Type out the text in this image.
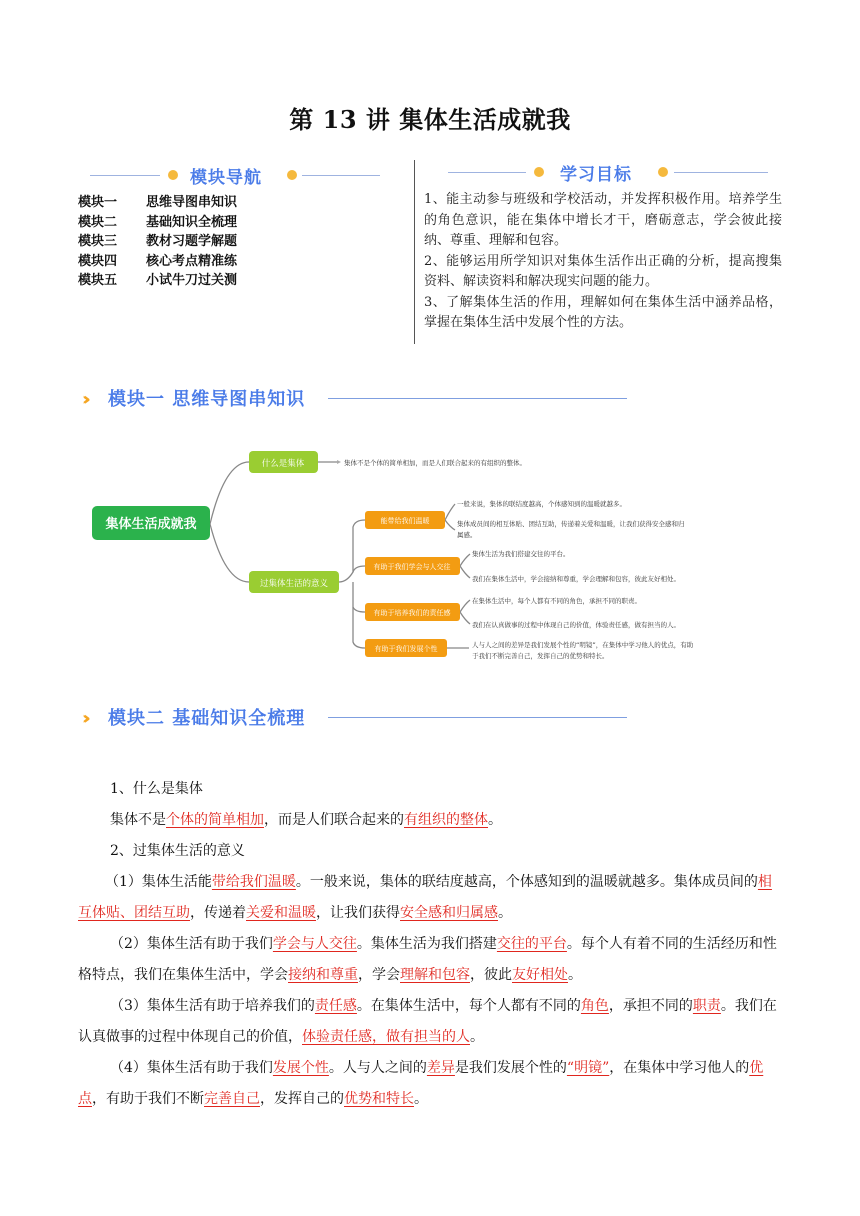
第 13 讲 集体生活成就我
模块导航
模块一	思维导图串知识
模块二	基础知识全梳理
模块三	教材习题学解题
模块四	核心考点精准练
模块五	小试牛刀过关测
学习目标

1、能主动参与班级和学校活动，并发挥积极作用。培养学生的角色意识，能在集体中增长才干，磨砺意志，学会彼此接纳、尊重、理解和包容。

2、能够运用所学知识对集体生活作出正确的分析，提高搜集资料、解读资料和解决现实问题的能力。

3、了解集体生活的作用，理解如何在集体生活中涵养品格，掌握在集体生活中发展个性的方法。

›› 模块一 思维导图串知识
集体生活成就我
什么是集体	集体不是个体的简单相加，而是人们联合起来的有组织的整体。
过集体生活的意义
能带给我们温暖
有助于我们学会与人交往
有助于培养我们的责任感
有助于我们发展个性
一般来说，集体的联结度越高，个体感知到的温暖就越多。
集体成员间的相互体贴、团结互助，传递着关爱和温暖，让我们获得安全感和归
属感。
集体生活为我们搭建交往的平台。
我们在集体生活中，学会接纳和尊重，学会理解和包容，彼此友好相处。
在集体生活中，每个人都有不同的角色，承担不同的职责。
我们在认真做事的过程中体现自己的价值，体验责任感，做有担当的人。
人与人之间的差异是我们发展个性的“明镜”，在集体中学习他人的优点，有助
于我们不断完善自己，发挥自己的优势和特长。
›› 模块二 基础知识全梳理

1、什么是集体

集体不是个体的简单相加，而是人们联合起来的有组织的整体。

2、过集体生活的意义

（1）集体生活能带给我们温暖。一般来说，集体的联结度越高，个体感知到的温暖就越多。集体成员间的相互体贴、团结互助，传递着关爱和温暖，让我们获得安全感和归属感。

（2）集体生活有助于我们学会与人交往。集体生活为我们搭建交往的平台。每个人有着不同的生活经历和性格特点，我们在集体生活中，学会接纳和尊重，学会理解和包容，彼此友好相处。

（3）集体生活有助于培养我们的责任感。在集体生活中，每个人都有不同的角色，承担不同的职责。我们在认真做事的过程中体现自己的价值，体验责任感，做有担当的人。

（4）集体生活有助于我们发展个性。人与人之间的差异是我们发展个性的“明镜”，在集体中学习他人的优点，有助于我们不断完善自己，发挥自己的优势和特长。
